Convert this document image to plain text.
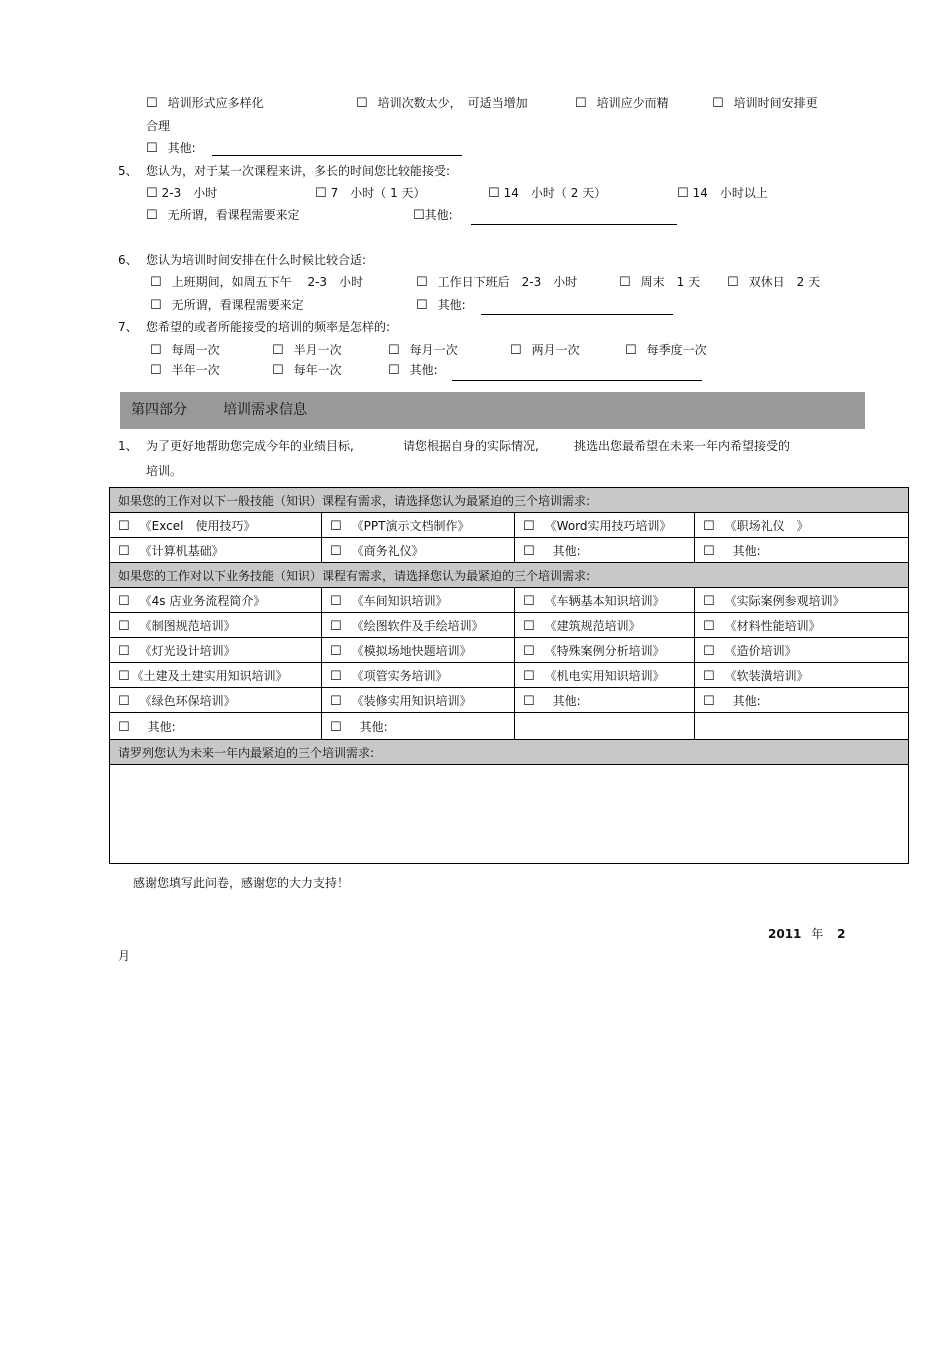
☐ 培训形式应多样化	☐ 培训次数太少，　可适当增加	☐ 培训应少而精	☐ 培训时间安排更
合理
☐ 其他:
5、 您认为，对于某一次课程来讲，多长的时间您比较能接受:
☐ 2-3　小时	☐ 7　小时（ 1 天）	☐ 14　小时（ 2 天）	☐ 14　小时以上
☐ 无所谓，看课程需要来定	☐其他:
6、 您认为培训时间安排在什么时候比较合适:
☐ 上班期间，如周五下午　 2-3　小时	☐ 工作日下班后　2-3　小时	☐ 周末　1 天 ☐ 双休日　2 天
☐ 无所谓，看课程需要来定	☐ 其他:
7、 您希望的或者所能接受的培训的频率是怎样的:
☐ 每周一次	☐ 半月一次	☐ 每月一次	☐ 两月一次	☐ 每季度一次
☐ 半年一次	☐ 每年一次	☐ 其他:
第四部分	培训需求信息
1、 为了更好地帮助您完成今年的业绩目标,	请您根据自身的实际情况,	挑选出您最希望在未来一年内希望接受的
培训。
如果您的工作对以下一般技能（知识）课程有需求，请选择您认为最紧迫的三个培训需求:			
☐ 《Excel　使用技巧》	☐ 《PPT演示文档制作》	☐ 《Word实用技巧培训》	☐ 《职场礼仪　》
☐ 《计算机基础》	☐ 《商务礼仪》	☐ 其他:	☐ 其他:
如果您的工作对以下业务技能（知识）课程有需求，请选择您认为最紧迫的三个培训需求:			
☐ 《4s 店业务流程简介》	☐ 《车间知识培训》	☐ 《车辆基本知识培训》	☐ 《实际案例参观培训》
☐ 《制图规范培训》	☐ 《绘图软件及手绘培训》	☐ 《建筑规范培训》	☐ 《材料性能培训》
☐ 《灯光设计培训》	☐ 《模拟场地快题培训》	☐ 《特殊案例分析培训》	☐ 《造价培训》
☐ 《土建及土建实用知识培训》	☐ 《项管实务培训》	☐ 《机电实用知识培训》	☐ 《软装潢培训》
☐ 《绿色环保培训》	☐ 《装修实用知识培训》	☐ 其他:	☐ 其他:
☐ 其他:	☐ 其他:		
请罗列您认为未来一年内最紧迫的三个培训需求:			

感谢您填写此问卷，感谢您的大力支持！
2011 年 2
月
